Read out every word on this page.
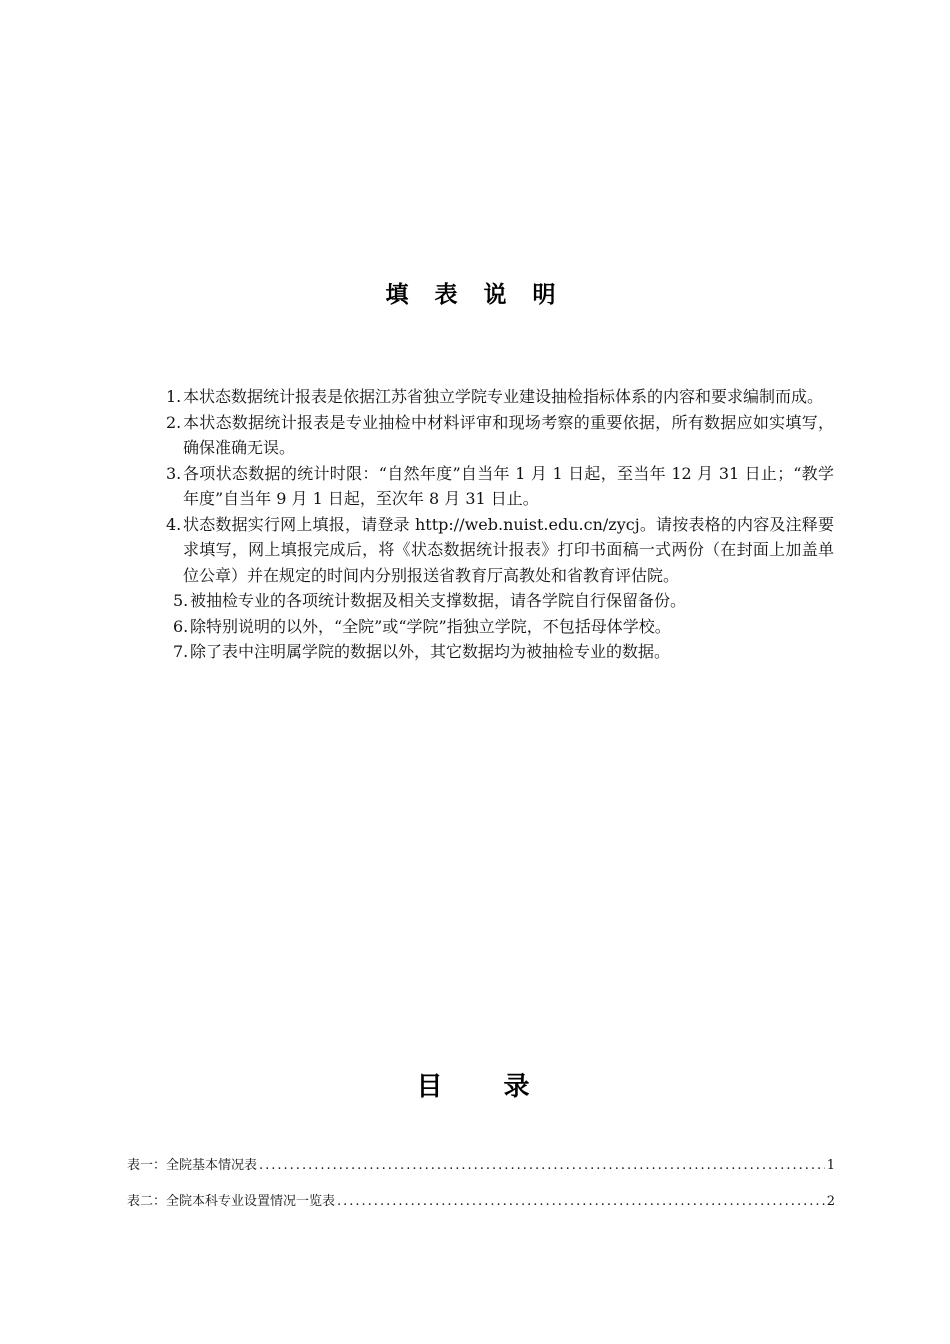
填 表 说 明
1. 本状态数据统计报表是依据江苏省独立学院专业建设抽检指标体系的内容和要求编制而成。
2. 本状态数据统计报表是专业抽检中材料评审和现场考察的重要依据，所有数据应如实填写，确保准确无误。
3. 各项状态数据的统计时限：“自然年度”自当年 1 月 1 日起，至当年 12 月 31 日止；“教学年度”自当年 9 月 1 日起，至次年 8 月 31 日止。
4. 状态数据实行网上填报，请登录 http://web.nuist.edu.cn/zycj。请按表格的内容及注释要求填写，网上填报完成后，将《状态数据统计报表》打印书面稿一式两份（在封面上加盖单位公章）并在规定的时间内分别报送省教育厅高教处和省教育评估院。
5. 被抽检专业的各项统计数据及相关支撑数据，请各学院自行保留备份。
6. 除特别说明的以外，“全院”或“学院”指独立学院，不包括母体学校。
7. 除了表中注明属学院的数据以外，其它数据均为被抽检专业的数据。
目 录
表一：全院基本情况表 .....	1
表二：全院本科专业设置情况一览表 .....	2
